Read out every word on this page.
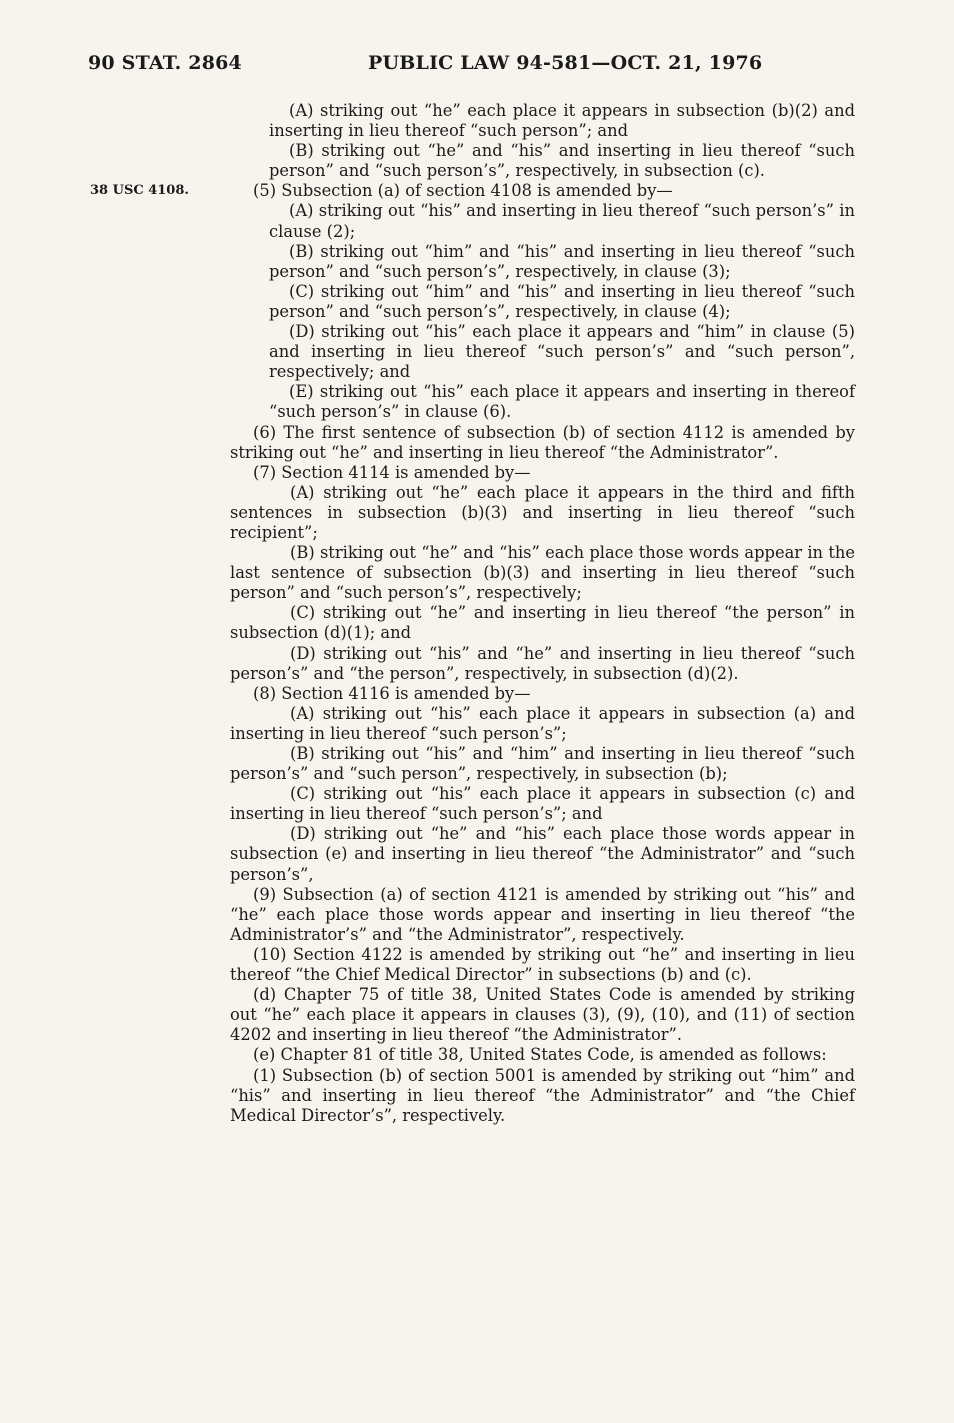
90 STAT. 2864	PUBLIC LAW 94-581—OCT. 21, 1976
38 USC 4108.

(A) striking out “he” each place it appears in subsection (b)(2) and inserting in lieu thereof “such person”; and

(B) striking out “he” and “his” and inserting in lieu thereof “such person” and “such person’s”, respectively, in subsection (c).

(5) Subsection (a) of section 4108 is amended by—

(A) striking out “his” and inserting in lieu thereof “such person’s” in clause (2);

(B) striking out “him” and “his” and inserting in lieu thereof “such person” and “such person’s”, respectively, in clause (3);

(C) striking out “him” and “his” and inserting in lieu thereof “such person” and “such person’s”, respectively, in clause (4);

(D) striking out “his” each place it appears and “him” in clause (5) and inserting in lieu thereof “such person’s” and “such person”, respectively; and

(E) striking out “his” each place it appears and inserting in thereof “such person’s” in clause (6).

(6) The first sentence of subsection (b) of section 4112 is amended by striking out “he” and inserting in lieu thereof “the Administrator”.

(7) Section 4114 is amended by—

(A) striking out “he” each place it appears in the third and fifth sentences in subsection (b)(3) and inserting in lieu thereof “such recipient”;

(B) striking out “he” and “his” each place those words appear in the last sentence of subsection (b)(3) and inserting in lieu thereof “such person” and “such person’s”, respectively;

(C) striking out “he” and inserting in lieu thereof “the person” in subsection (d)(1); and

(D) striking out “his” and “he” and inserting in lieu thereof “such person’s” and “the person”, respectively, in subsection (d)(2).

(8) Section 4116 is amended by—

(A) striking out “his” each place it appears in subsection (a) and inserting in lieu thereof “such person’s”;

(B) striking out “his” and “him” and inserting in lieu thereof “such person’s” and “such person”, respectively, in subsection (b);

(C) striking out “his” each place it appears in subsection (c) and inserting in lieu thereof “such person’s”; and

(D) striking out “he” and “his” each place those words appear in subsection (e) and inserting in lieu thereof “the Administrator” and “such person’s”,

(9) Subsection (a) of section 4121 is amended by striking out “his” and “he” each place those words appear and inserting in lieu thereof “the Administrator’s” and “the Administrator”, respectively.

(10) Section 4122 is amended by striking out “he” and inserting in lieu thereof “the Chief Medical Director” in subsections (b) and (c).

(d) Chapter 75 of title 38, United States Code is amended by striking out “he” each place it appears in clauses (3), (9), (10), and (11) of section 4202 and inserting in lieu thereof “the Administrator”.

(e) Chapter 81 of title 38, United States Code, is amended as follows:

(1) Subsection (b) of section 5001 is amended by striking out “him” and “his” and inserting in lieu thereof “the Administrator” and “the Chief Medical Director’s”, respectively.
